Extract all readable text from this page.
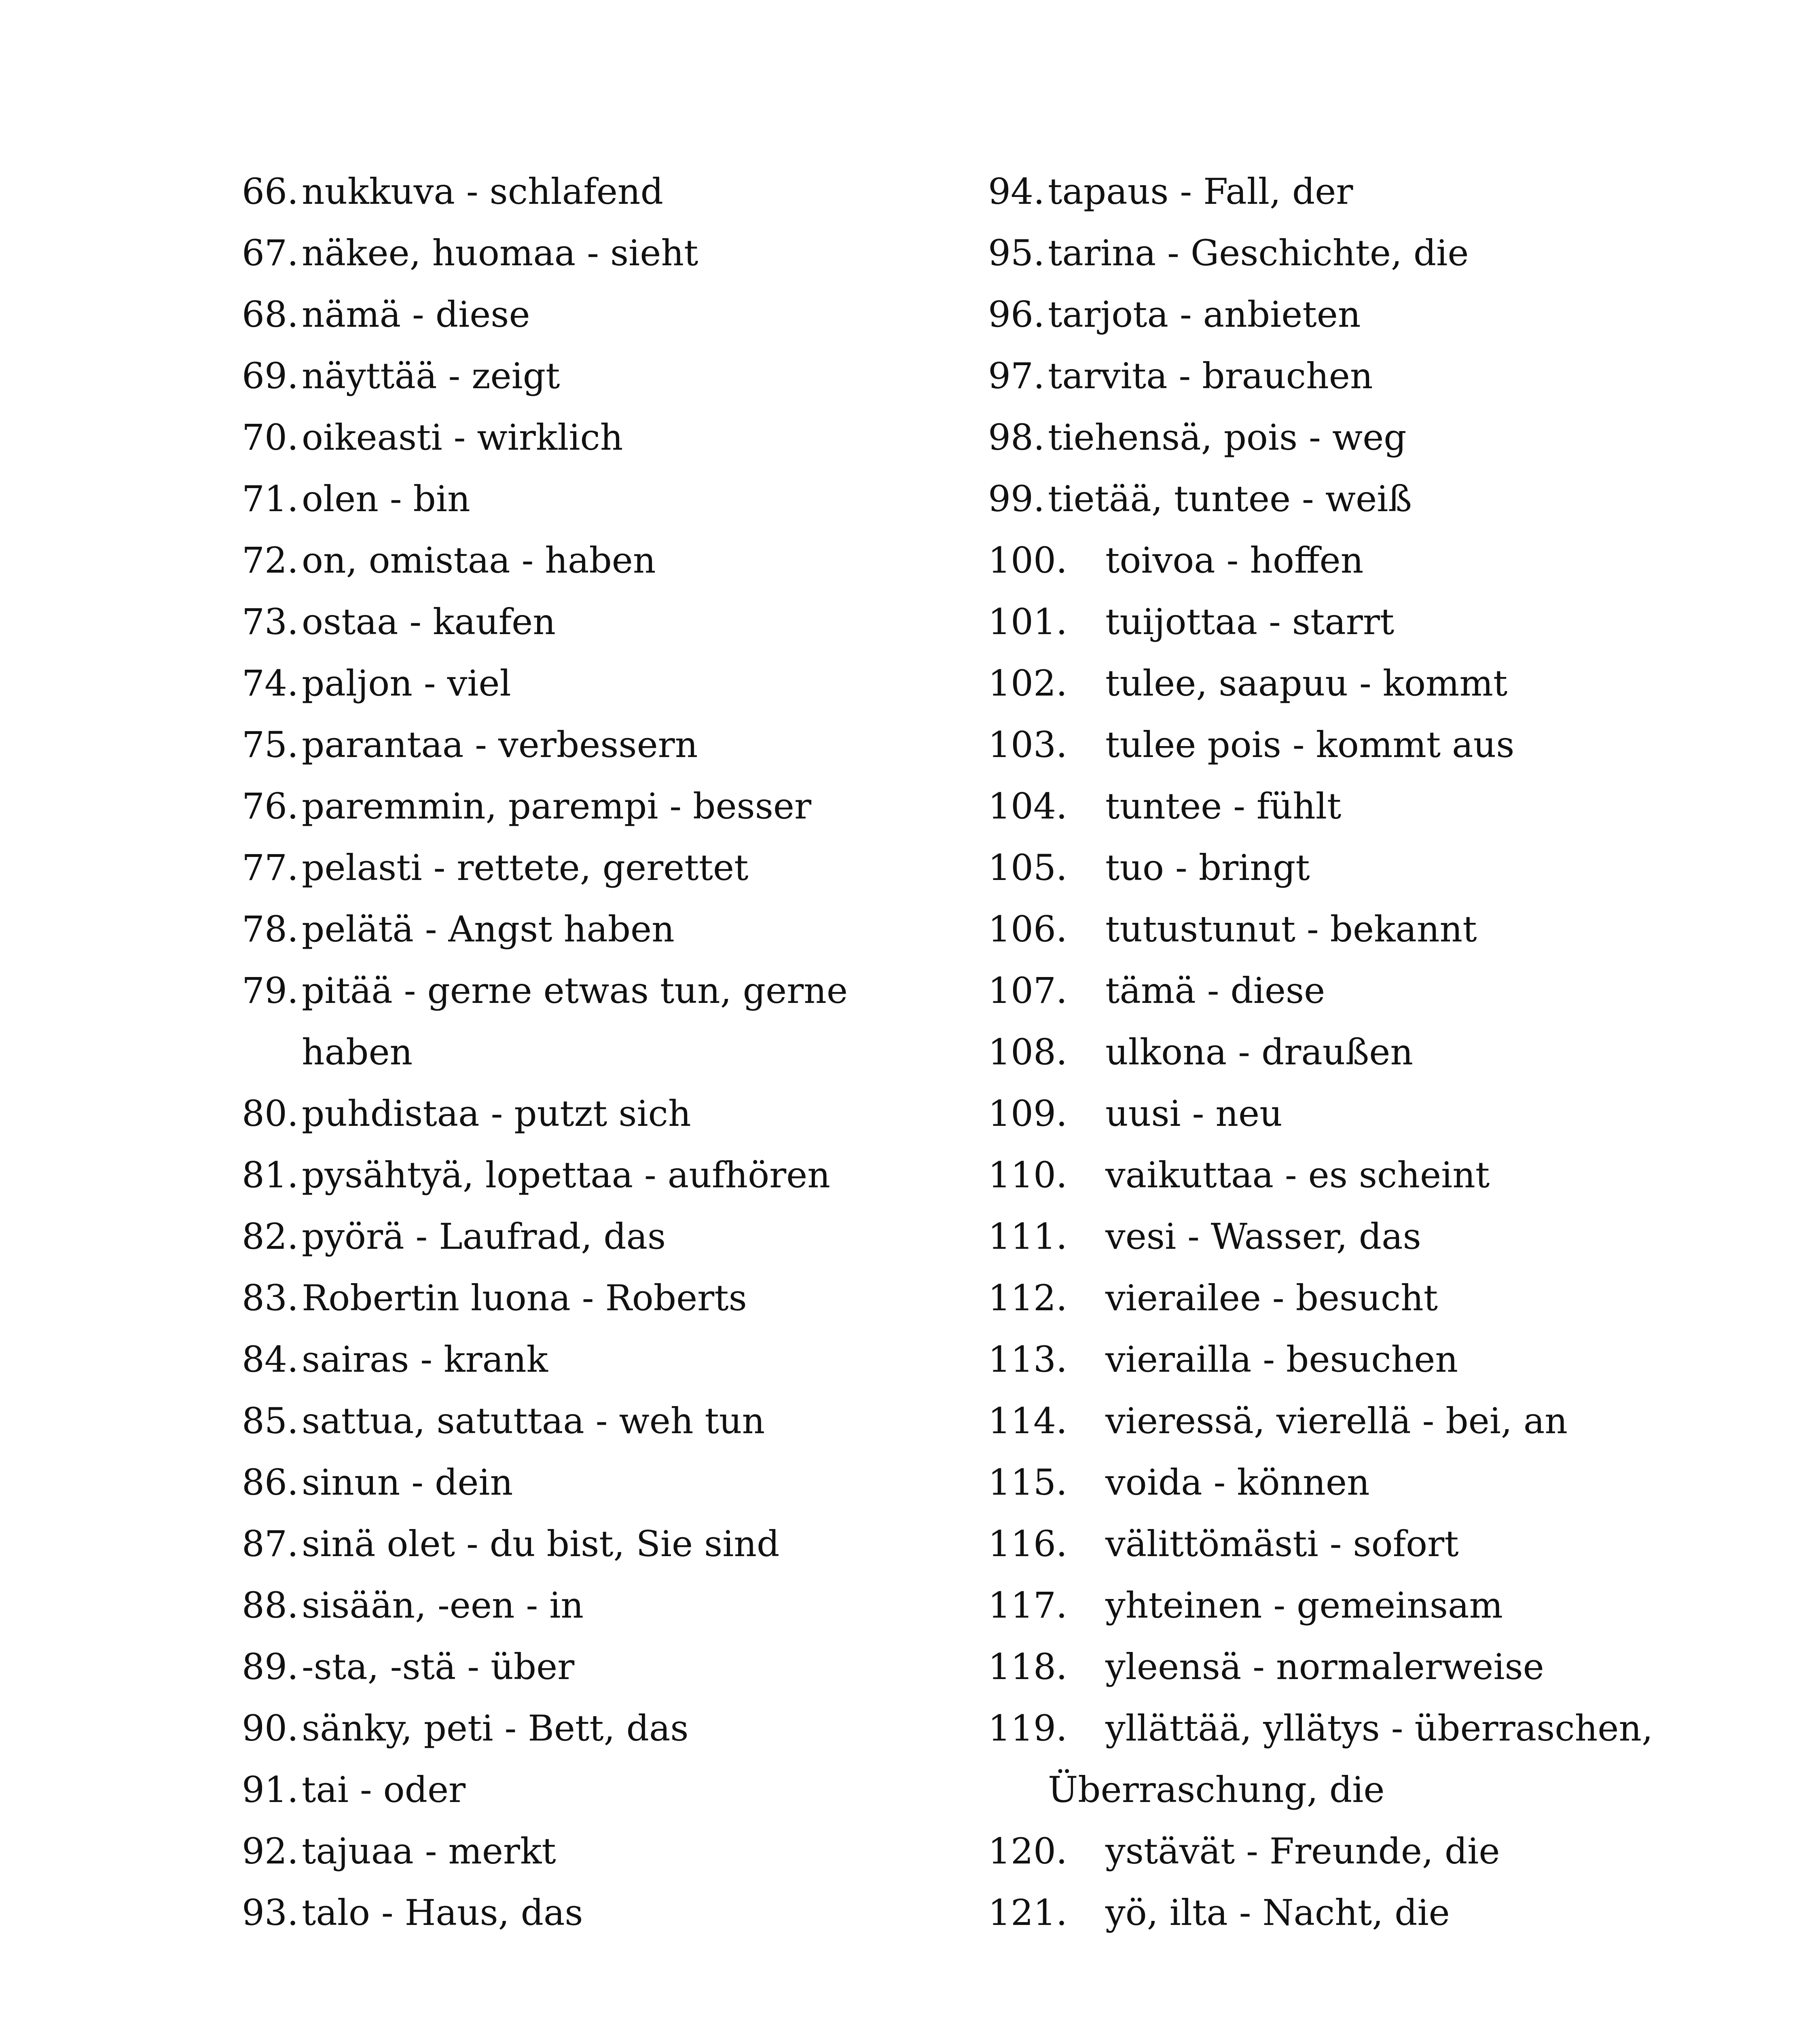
66. nukkuva - schlafend
67. näkee, huomaa - sieht
68. nämä - diese
69. näyttää - zeigt
70. oikeasti - wirklich
71. olen - bin
72. on, omistaa - haben
73. ostaa - kaufen
74. paljon - viel
75. parantaa - verbessern
76. paremmin, parempi - besser
77. pelasti - rettete, gerettet
78. pelätä - Angst haben
79. pitää - gerne etwas tun, gerne
haben
80. puhdistaa - putzt sich
81. pysähtyä, lopettaa - aufhören
82. pyörä - Laufrad, das
83. Robertin luona - Roberts
84. sairas - krank
85. sattua, satuttaa - weh tun
86. sinun - dein
87. sinä olet - du bist, Sie sind
88. sisään, -een - in
89. -sta, -stä - über
90. sänky, peti - Bett, das
91. tai - oder
92. tajuaa - merkt
93. talo - Haus, das
94. tapaus - Fall, der
95. tarina - Geschichte, die
96. tarjota - anbieten
97. tarvita - brauchen
98. tiehensä, pois - weg
99. tietää, tuntee - weiß
100. toivoa - hoffen
101. tuijottaa - starrt
102. tulee, saapuu - kommt
103. tulee pois - kommt aus
104. tuntee - fühlt
105. tuo - bringt
106. tutustunut - bekannt
107. tämä - diese
108. ulkona - draußen
109. uusi - neu
110. vaikuttaa - es scheint
111. vesi - Wasser, das
112. vierailee - besucht
113. vierailla - besuchen
114. vieressä, vierellä - bei, an
115. voida - können
116. välittömästi - sofort
117. yhteinen - gemeinsam
118. yleensä - normalerweise
119. yllättää, yllätys - überraschen,
Überraschung, die
120. ystävät - Freunde, die
121. yö, ilta - Nacht, die
